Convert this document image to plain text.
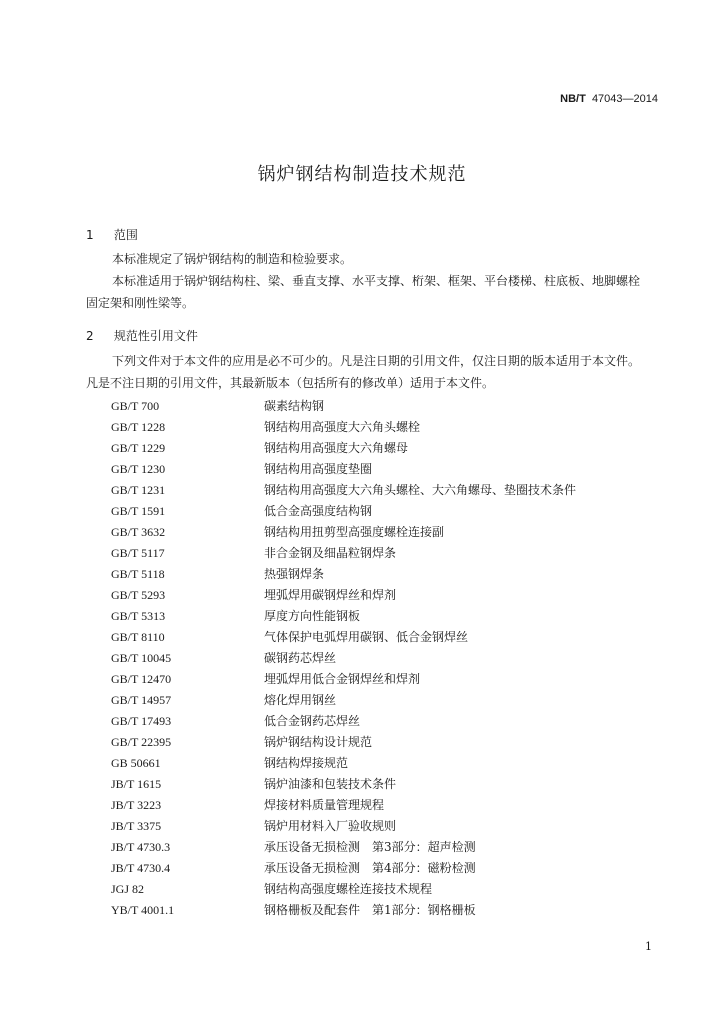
NB/T 47043—2014
锅炉钢结构制造技术规范
1 范围
本标准规定了锅炉钢结构的制造和检验要求。
本标准适用于锅炉钢结构柱、梁、垂直支撑、水平支撑、桁架、框架、平台楼梯、柱底板、地脚螺栓固定架和刚性梁等。
2 规范性引用文件
下列文件对于本文件的应用是必不可少的。凡是注日期的引用文件，仅注日期的版本适用于本文件。凡是不注日期的引用文件，其最新版本（包括所有的修改单）适用于本文件。
GB/T 700	碳素结构钢
GB/T 1228	钢结构用高强度大六角头螺栓
GB/T 1229	钢结构用高强度大六角螺母
GB/T 1230	钢结构用高强度垫圈
GB/T 1231	钢结构用高强度大六角头螺栓、大六角螺母、垫圈技术条件
GB/T 1591	低合金高强度结构钢
GB/T 3632	钢结构用扭剪型高强度螺栓连接副
GB/T 5117	非合金钢及细晶粒钢焊条
GB/T 5118	热强钢焊条
GB/T 5293	埋弧焊用碳钢焊丝和焊剂
GB/T 5313	厚度方向性能钢板
GB/T 8110	气体保护电弧焊用碳钢、低合金钢焊丝
GB/T 10045	碳钢药芯焊丝
GB/T 12470	埋弧焊用低合金钢焊丝和焊剂
GB/T 14957	熔化焊用钢丝
GB/T 17493	低合金钢药芯焊丝
GB/T 22395	锅炉钢结构设计规范
GB 50661	钢结构焊接规范
JB/T 1615	锅炉油漆和包装技术条件
JB/T 3223	焊接材料质量管理规程
JB/T 3375	锅炉用材料入厂验收规则
JB/T 4730.3	承压设备无损检测　第3部分：超声检测
JB/T 4730.4	承压设备无损检测　第4部分：磁粉检测
JGJ 82	钢结构高强度螺栓连接技术规程
YB/T 4001.1	钢格栅板及配套件　第1部分：钢格栅板
1
